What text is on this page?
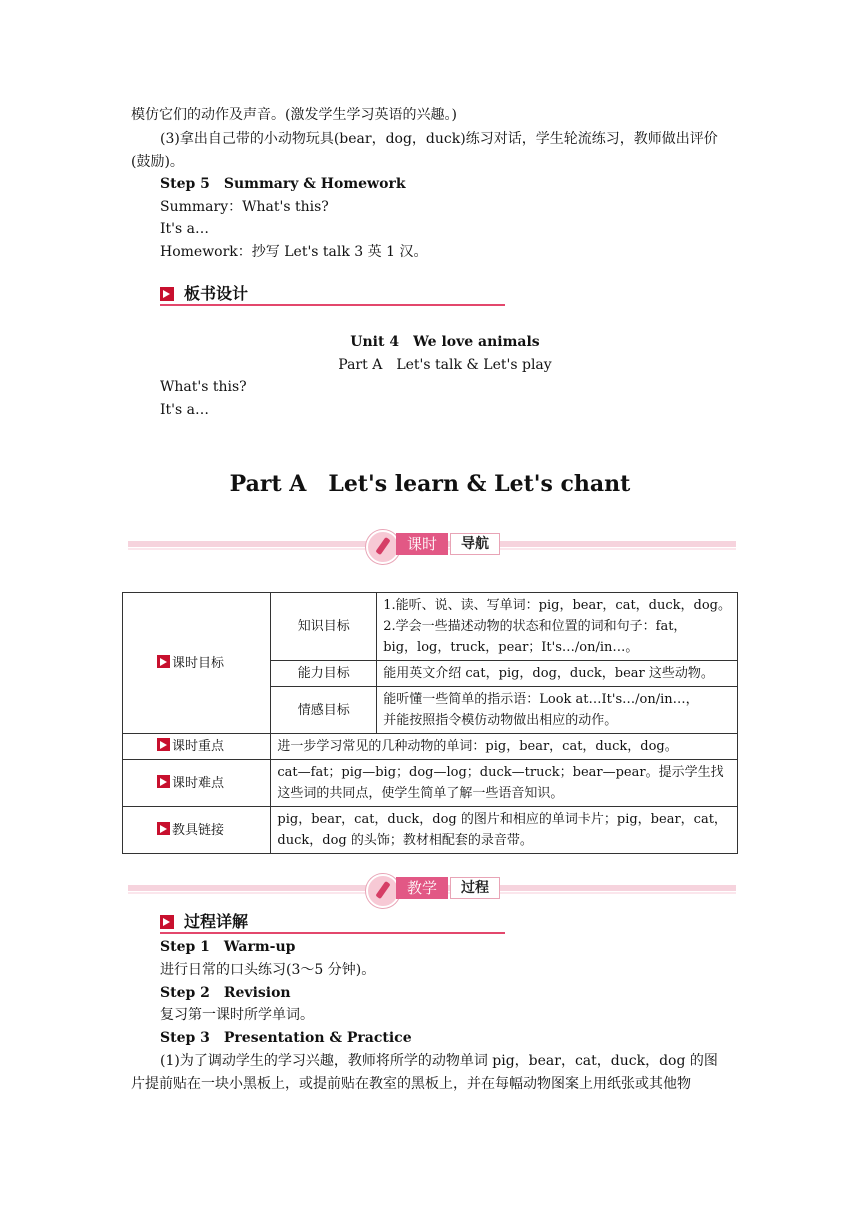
模仿它们的动作及声音。(激发学生学习英语的兴趣。)
(3)拿出自己带的小动物玩具(bear，dog，duck)练习对话，学生轮流练习，教师做出评价
(鼓励)。
Step 5　Summary & Homework
Summary：What's this?
It's a…
Homework：抄写 Let's talk 3 英 1 汉。
板书设计
Unit 4　We love animals
Part A　Let's talk & Let's play
What's this?
It's a…
Part A　Let's learn & Let's chant
课时	导航
课时目标	知识目标	1.能听、说、读、写单词：pig，bear，cat，duck，dog。
2.学会一些描述动物的状态和位置的词和句子：fat，
big，log，truck，pear；It's…/on/in…。

	能力目标	能用英文介绍 cat，pig，dog，duck，bear 这些动物。
	情感目标	能听懂一些简单的指示语：Look at…It's…/on/in…，
并能按照指令模仿动物做出相应的动作。

课时重点	进一步学习常见的几种动物的单词：pig，bear，cat，duck，dog。	
课时难点	cat—fat；pig—big；dog—log；duck—truck；bear—pear。提示学生找
这些词的共同点，使学生简单了解一些语音知识。	

教具链接	pig，bear，cat，duck，dog 的图片和相应的单词卡片；pig，bear，cat，
duck，dog 的头饰；教材相配套的录音带。	
教学	过程
过程详解
Step 1　Warm-up
进行日常的口头练习(3～5 分钟)。
Step 2　Revision
复习第一课时所学单词。
Step 3　Presentation & Practice
(1)为了调动学生的学习兴趣，教师将所学的动物单词 pig，bear，cat，duck，dog 的图
片提前贴在一块小黑板上，或提前贴在教室的黑板上，并在每幅动物图案上用纸张或其他物
